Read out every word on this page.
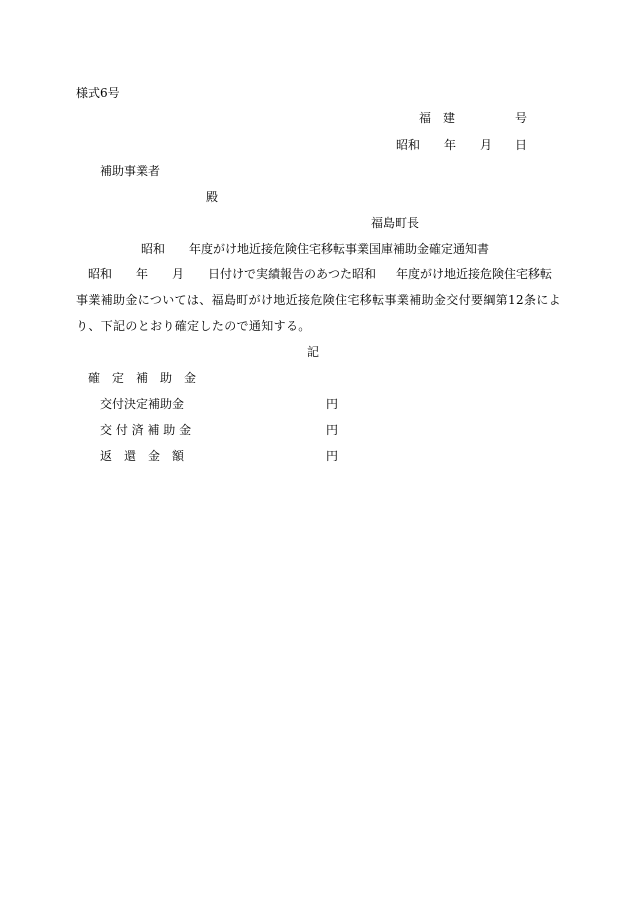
様式6号
福　建	号
昭和 年 月 日
補助事業者
殿
福島町長
昭和 年度がけ地近接危険住宅移転事業国庫補助金確定通知書
昭和 年 月 日付けで実績報告のあつた昭和 年度がけ地近接危険住宅移転
事業補助金については、福島町がけ地近接危険住宅移転事業補助金交付要綱第12条によ
り、下記のとおり確定したので通知する。
記
確　定　補　助　金
交付決定補助金	円
交 付 済 補 助 金	円
返　還　金　額	円
